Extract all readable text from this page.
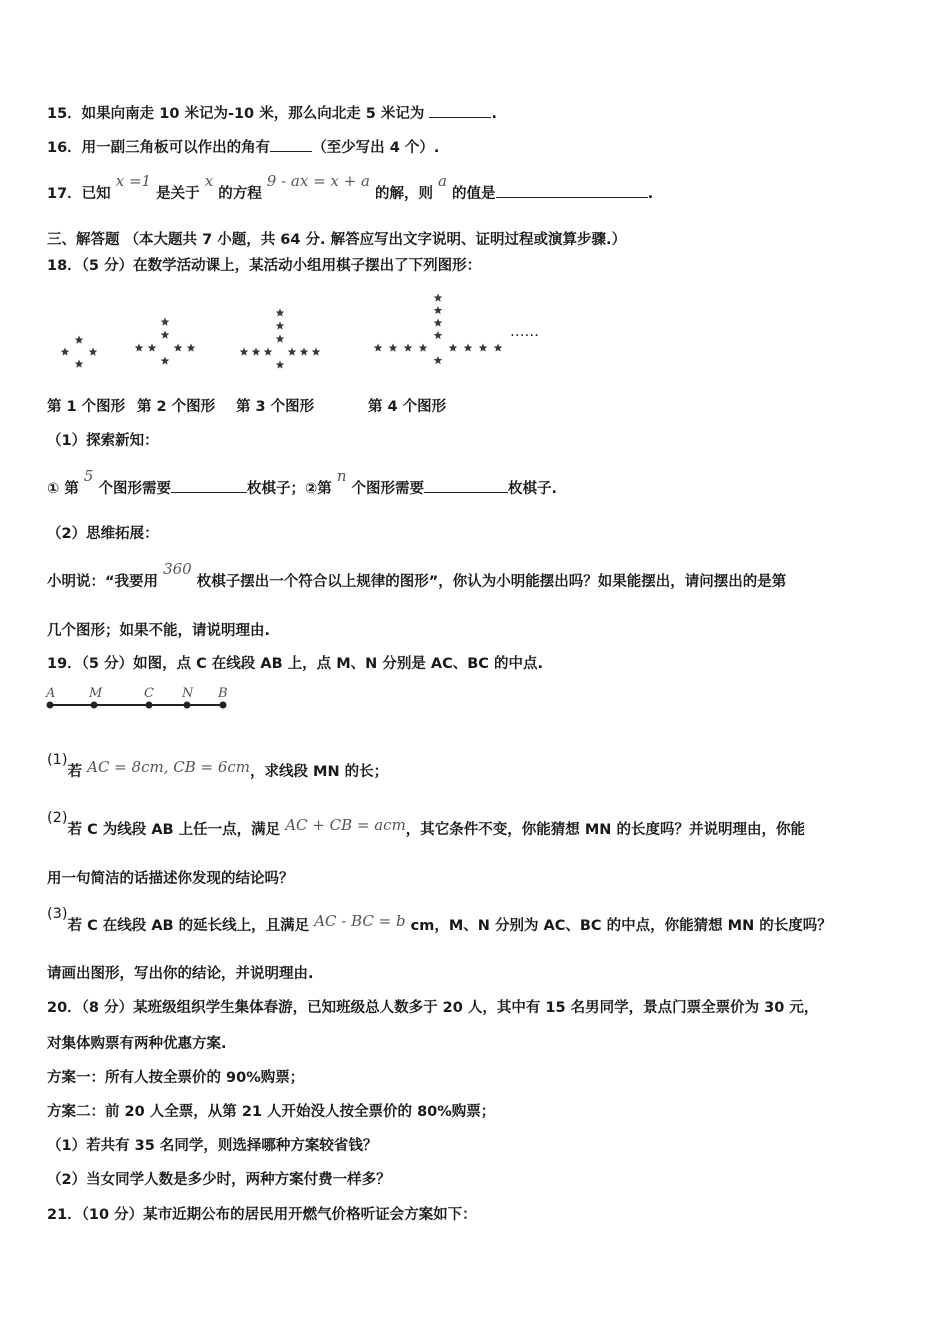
15．如果向南走 10 米记为-10 米，那么向北走 5 米记为	.
16．用一副三角板可以作出的角有	（至少写出 4 个）.
17．已知 x =1 是关于 x 的方程 9 - ax = x + a 的解，则 a 的值是	.
三、解答题 （本大题共 7 小题，共 64 分. 解答应写出文字说明、证明过程或演算步骤.）
18．（5 分）在数学活动课上，某活动小组用棋子摆出了下列图形：
……
第 1 个图形 第 2 个图形 第 3 个图形	第 4 个图形
（1）探索新知：
① 第 5 个图形需要	枚棋子；②第 n 个图形需要	枚棋子.
（2）思维拓展：
小明说：“我要用 360 枚棋子摆出一个符合以上规律的图形”，你认为小明能摆出吗？如果能摆出，请问摆出的是第
几个图形；如果不能，请说明理由.
19．（5 分）如图，点 C 在线段 AB 上，点 M、N 分别是 AC、BC 的中点.
A	M	C N B
(1)若 AC = 8cm, CB = 6cm，求线段 MN 的长；
(2)若 C 为线段 AB 上任一点，满足 AC + CB = acm，其它条件不变，你能猜想 MN 的长度吗？并说明理由，你能
用一句简洁的话描述你发现的结论吗？
(3)若 C 在线段 AB 的延长线上，且满足 AC - BC = b cm，M、N 分别为 AC、BC 的中点，你能猜想 MN 的长度吗？
请画出图形，写出你的结论，并说明理由.
20．（8 分）某班级组织学生集体春游，已知班级总人数多于 20 人，其中有 15 名男同学，景点门票全票价为 30 元，
对集体购票有两种优惠方案.
方案一：所有人按全票价的 90%购票；
方案二：前 20 人全票，从第 21 人开始没人按全票价的 80%购票；
（1）若共有 35 名同学，则选择哪种方案较省钱？
（2）当女同学人数是多少时，两种方案付费一样多？
21．（10 分）某市近期公布的居民用开燃气价格听证会方案如下：
